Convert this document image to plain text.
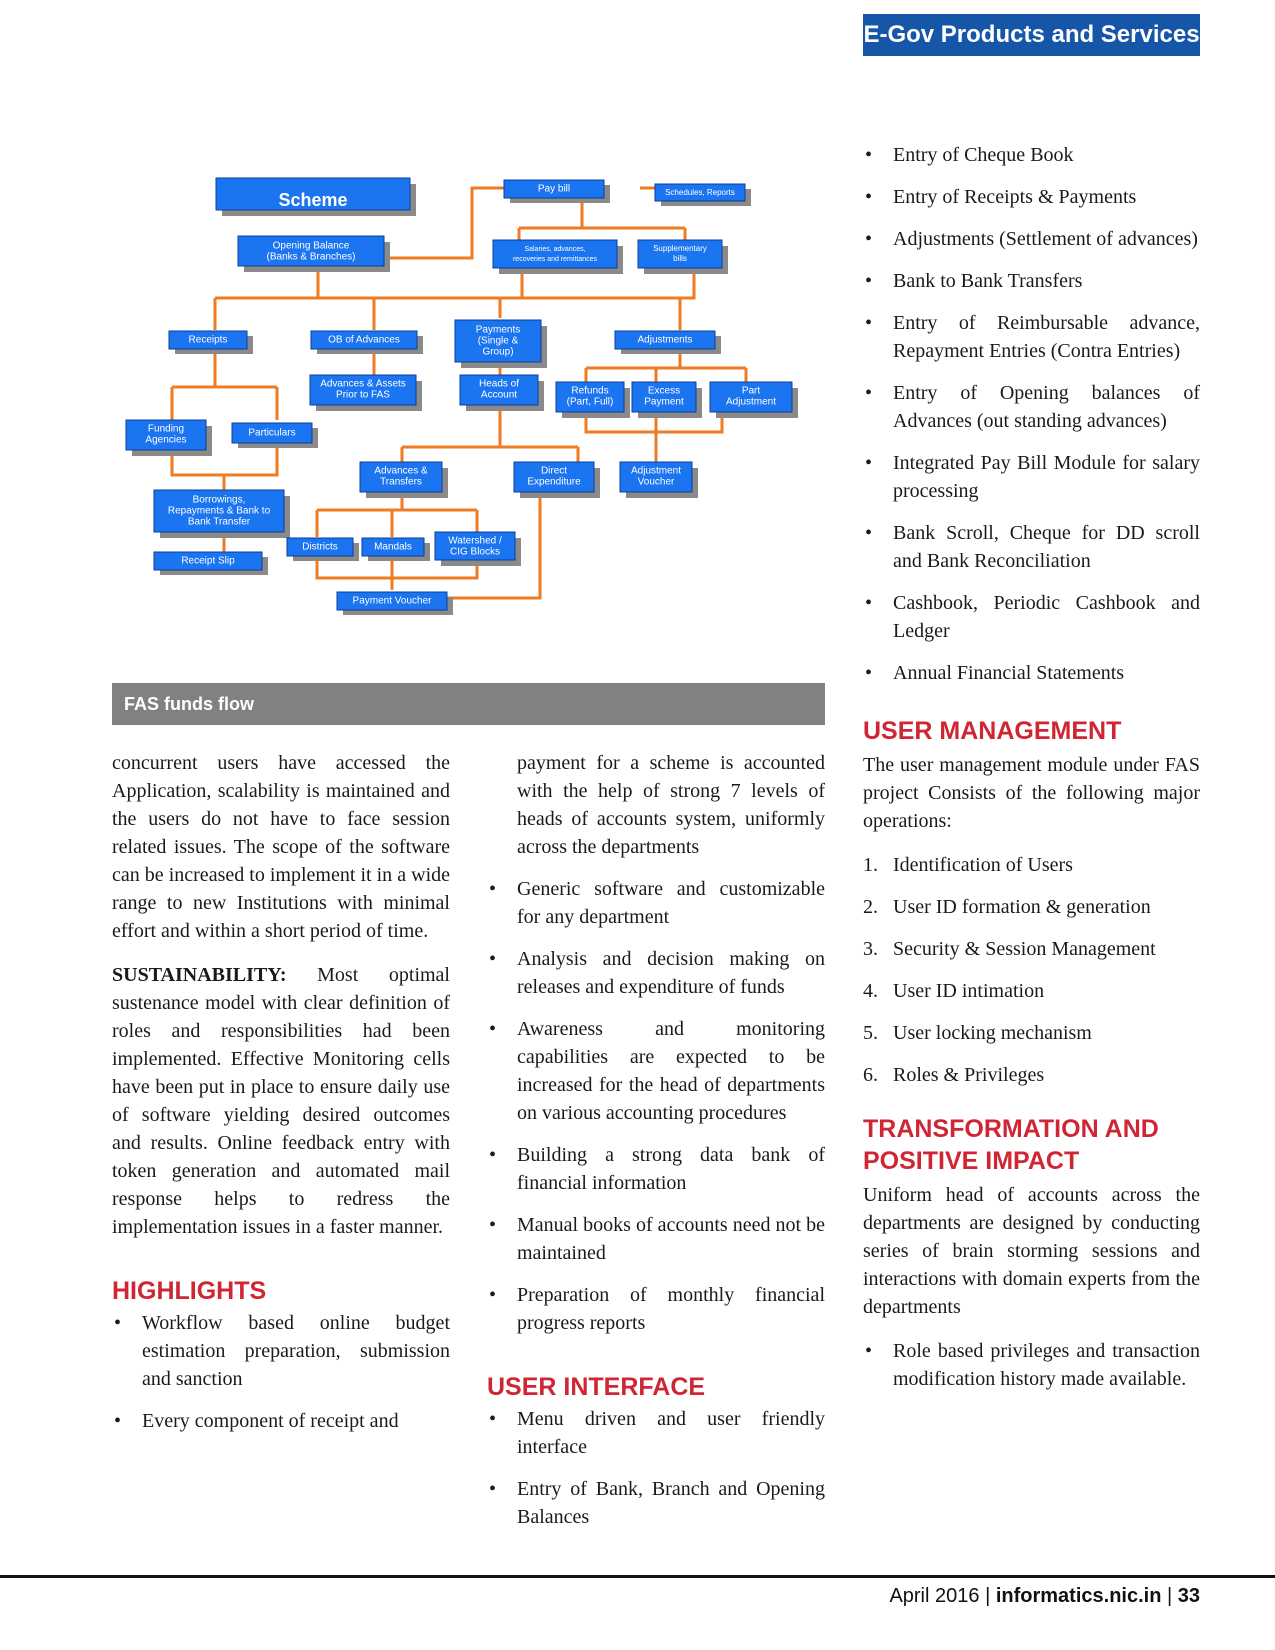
E-Gov Products and Services
Scheme
Opening Balance
(Banks & Branches)
Pay bill	Schedules, Reports
Salaries, advances,
recoveries and remittances
Supplementary
bills
Receipts	OB of Advances
Payments
(Single &
Group)
Adjustments
Advances & Assets
Prior to FAS
Heads of
Account	Refunds
(Part, Full)
Excess
Payment
Part
Adjustment
Funding
Agencies
Particulars
Advances &
Transfers
Direct
Expenditure
Adjustment
Voucher
Borrowings,
Repayments & Bank to
Bank Transfer
Districts	Mandals
Watershed /
CIG Blocks
Receipt Slip
Payment Voucher
FAS funds flow

concurrent users have accessed the Application, scalability is maintained and the users do not have to face session related issues. The scope of the software can be increased to implement it in a wide range to new Institutions with minimal effort and within a short period of time.

SUSTAINABILITY: Most optimal sustenance model with clear definition of roles and responsibilities had been implemented. Effective Monitoring cells have been put in place to ensure daily use of software yielding desired outcomes and results. Online feedback entry with token generation and automated mail response helps to redress the implementation issues in a faster manner.

HIGHLIGHTS
• Workflow based online budget estimation preparation, submission and sanction
• Every component of receipt and
payment for a scheme is accounted with the help of strong 7 levels of heads of accounts system, uniformly across the departments
• Generic software and customizable for any department
• Analysis and decision making on releases and expenditure of funds
• Awareness and monitoring capabilities are expected to be increased for the head of departments on various accounting procedures
• Building a strong data bank of financial information
• Manual books of accounts need not be maintained
• Preparation of monthly financial progress reports
USER INTERFACE
• Menu driven and user friendly interface
• Entry of Bank, Branch and Opening Balances
• Entry of Cheque Book
• Entry of Receipts & Payments
• Adjustments (Settlement of advances)
• Bank to Bank Transfers
• Entry of Reimbursable advance, Repayment Entries (Contra Entries)
• Entry of Opening balances of Advances (out standing advances)
• Integrated Pay Bill Module for salary processing
• Bank Scroll, Cheque for DD scroll and Bank Reconciliation
• Cashbook, Periodic Cashbook and Ledger
• Annual Financial Statements
USER MANAGEMENT

The user management module under FAS project Consists of the following major operations:

1. Identification of Users
2. User ID formation & generation
3. Security & Session Management
4. User ID intimation
5. User locking mechanism
6. Roles & Privileges
TRANSFORMATION AND
POSITIVE IMPACT

Uniform head of accounts across the departments are designed by conducting series of brain storming sessions and interactions with domain experts from the departments

• Role based privileges and transaction modification history made available.
April 2016 | informatics.nic.in | 33
